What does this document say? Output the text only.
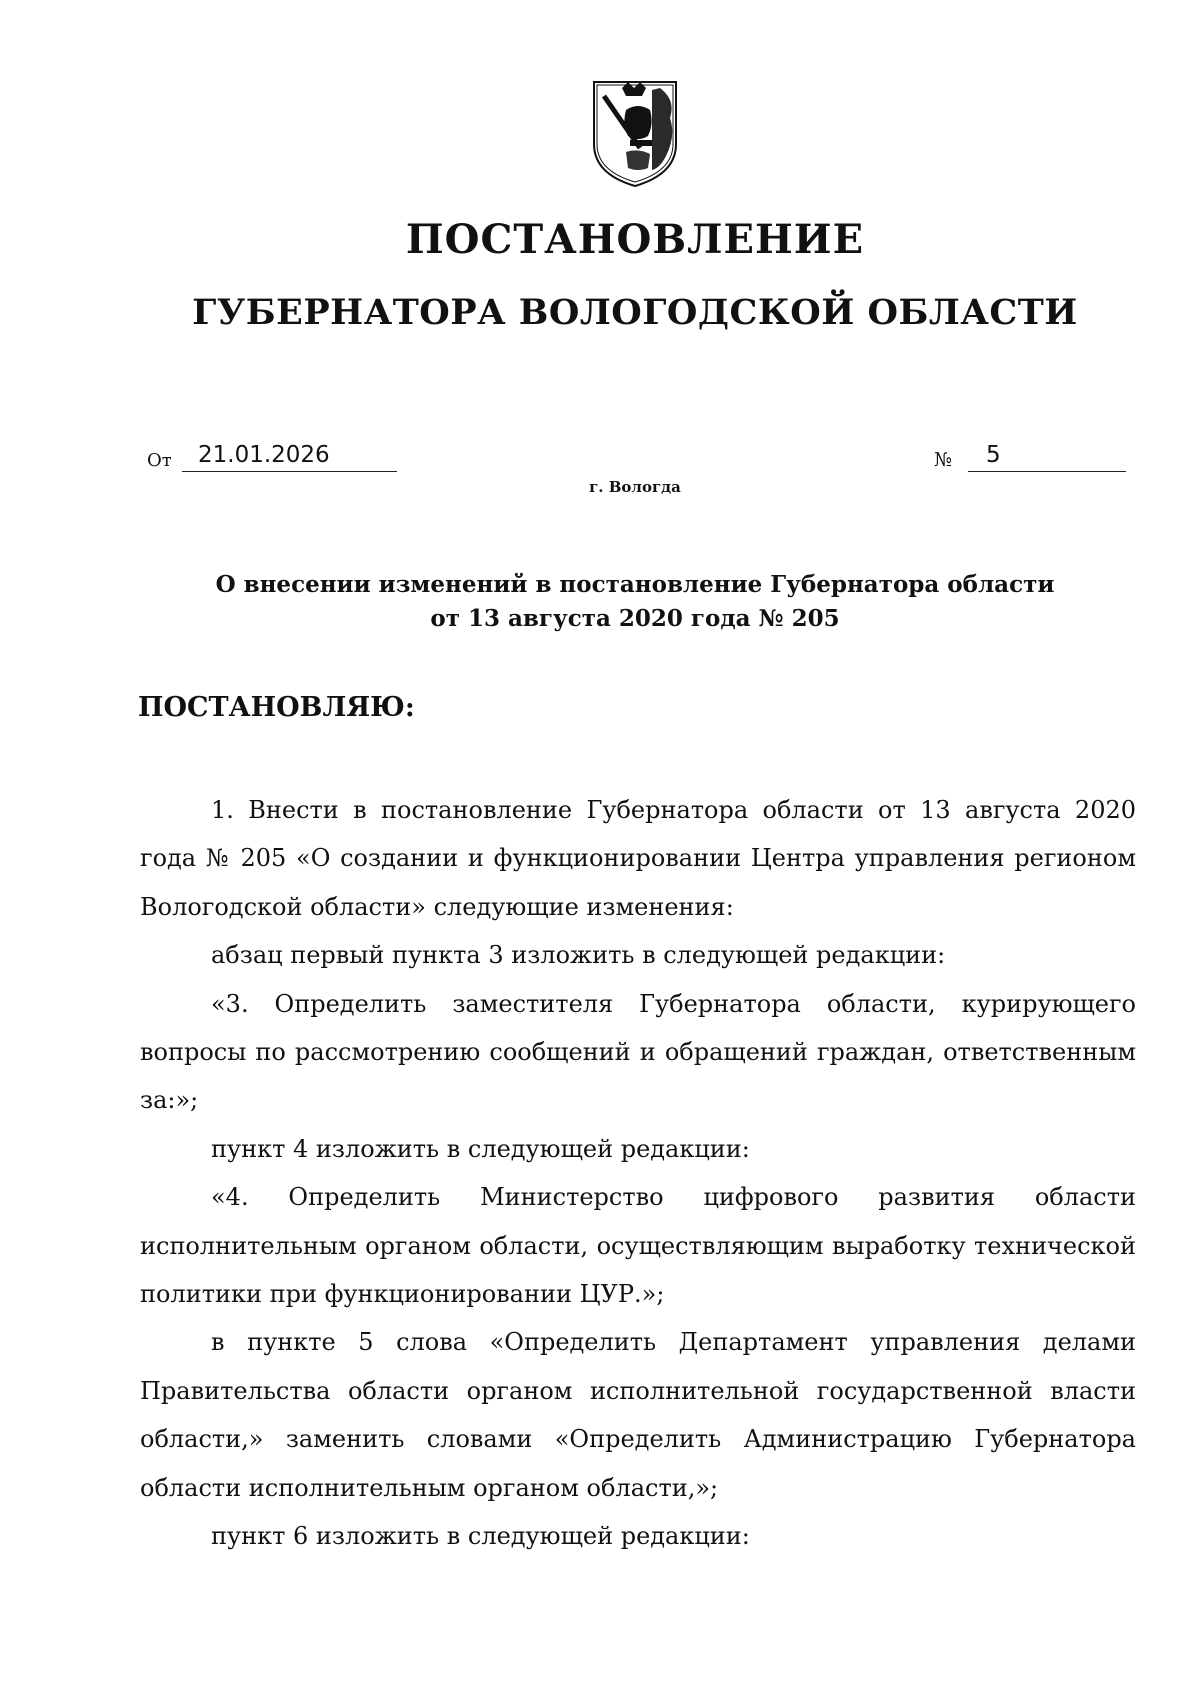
ПОСТАНОВЛЕНИЕ
ГУБЕРНАТОРА ВОЛОГОДСКОЙ ОБЛАСТИ
От	21.01.2026	№	5
г. Вологда
О внесении изменений в постановление Губернатора области
от 13 августа 2020 года № 205
ПОСТАНОВЛЯЮ:

1. Внести в постановление Губернатора области от 13 августа 2020 года № 205 «О создании и функционировании Центра управления регионом Вологодской области» следующие изменения:

абзац первый пункта 3 изложить в следующей редакции:

«3. Определить заместителя Губернатора области, курирующего вопросы по рассмотрению сообщений и обращений граждан, ответственным за:»;

пункт 4 изложить в следующей редакции:

«4. Определить Министерство цифрового развития области исполнительным органом области, осуществляющим выработку технической политики при функционировании ЦУР.»;

в пункте 5 слова «Определить Департамент управления делами Правительства области органом исполнительной государственной власти области,» заменить словами «Определить Администрацию Губернатора области исполнительным органом области,»;

пункт 6 изложить в следующей редакции:
